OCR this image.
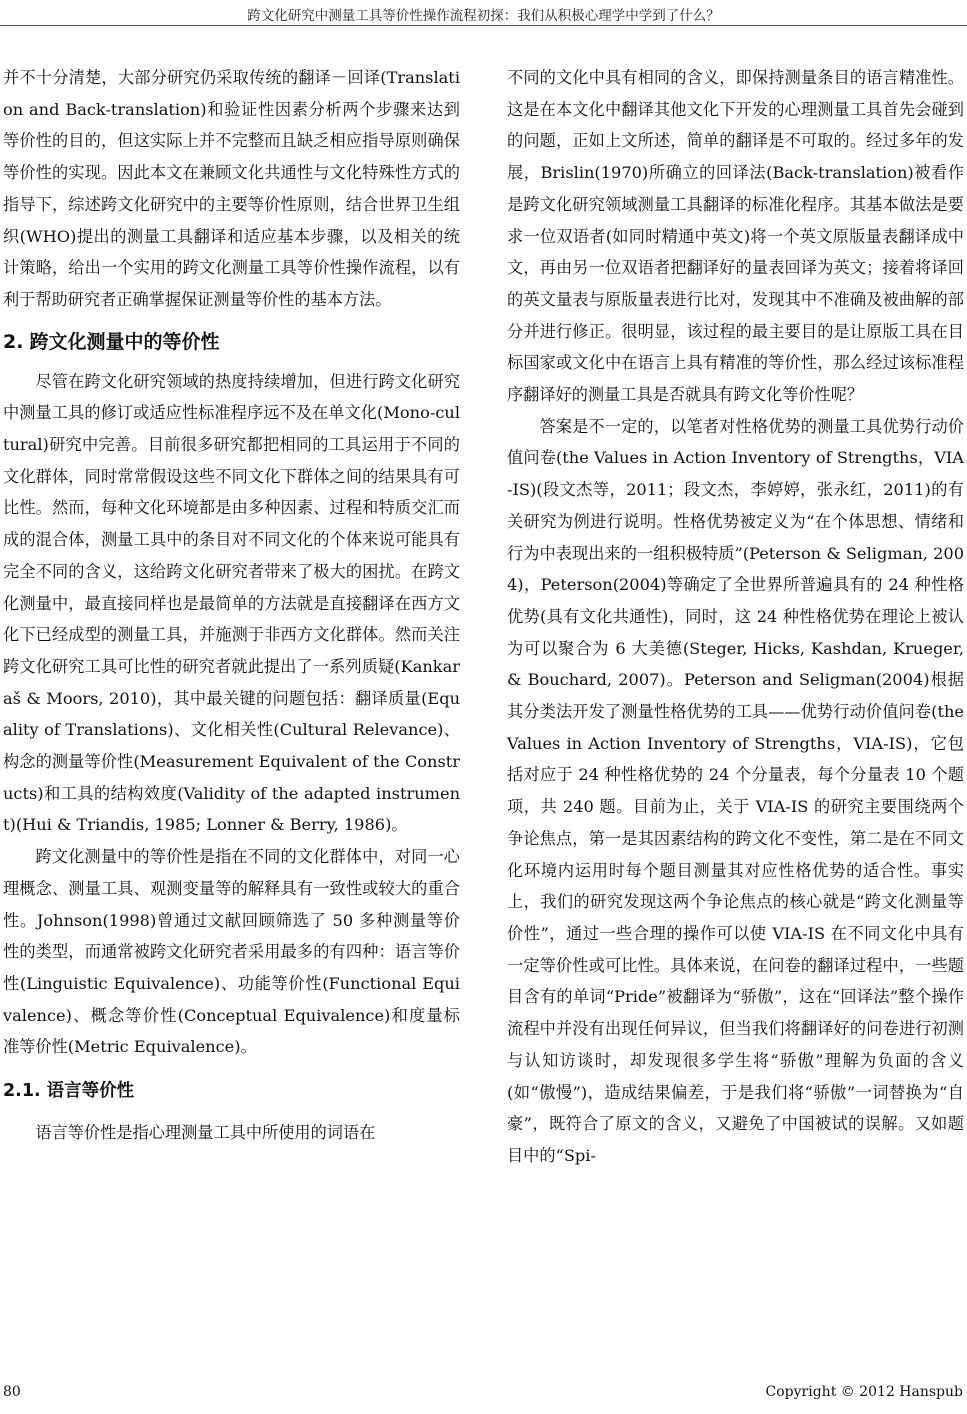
跨文化研究中测量工具等价性操作流程初探：我们从积极心理学中学到了什么？

并不十分清楚，大部分研究仍采取传统的翻译－回译(Translation and Back-translation)和验证性因素分析两个步骤来达到等价性的目的，但这实际上并不完整而且缺乏相应指导原则确保等价性的实现。因此本文在兼顾文化共通性与文化特殊性方式的指导下，综述跨文化研究中的主要等价性原则，结合世界卫生组织(WHO)提出的测量工具翻译和适应基本步骤，以及相关的统计策略，给出一个实用的跨文化测量工具等价性操作流程，以有利于帮助研究者正确掌握保证测量等价性的基本方法。

2. 跨文化测量中的等价性

尽管在跨文化研究领域的热度持续增加，但进行跨文化研究中测量工具的修订或适应性标准程序远不及在单文化(Mono-cultural)研究中完善。目前很多研究都把相同的工具运用于不同的文化群体，同时常常假设这些不同文化下群体之间的结果具有可比性。然而，每种文化环境都是由多种因素、过程和特质交汇而成的混合体，测量工具中的条目对不同文化的个体来说可能具有完全不同的含义，这给跨文化研究者带来了极大的困扰。在跨文化测量中，最直接同样也是最简单的方法就是直接翻译在西方文化下已经成型的测量工具，并施测于非西方文化群体。然而关注跨文化研究工具可比性的研究者就此提出了一系列质疑(Kankaraš & Moors, 2010)，其中最关键的问题包括：翻译质量(Equality of Translations)、文化相关性(Cultural Relevance)、构念的测量等价性(Measurement Equivalent of the Constructs)和工具的结构效度(Validity of the adapted instrument)(Hui & Triandis, 1985; Lonner & Berry, 1986)。

跨文化测量中的等价性是指在不同的文化群体中，对同一心理概念、测量工具、观测变量等的解释具有一致性或较大的重合性。Johnson(1998)曾通过文献回顾筛选了 50 多种测量等价性的类型，而通常被跨文化研究者采用最多的有四种：语言等价性(Linguistic Equivalence)、功能等价性(Functional Equivalence)、概念等价性(Conceptual Equivalence)和度量标准等价性(Metric Equivalence)。

2.1. 语言等价性

语言等价性是指心理测量工具中所使用的词语在

不同的文化中具有相同的含义，即保持测量条目的语言精准性。这是在本文化中翻译其他文化下开发的心理测量工具首先会碰到的问题，正如上文所述，简单的翻译是不可取的。经过多年的发展，Brislin(1970)所确立的回译法(Back-translation)被看作是跨文化研究领域测量工具翻译的标准化程序。其基本做法是要求一位双语者(如同时精通中英文)将一个英文原版量表翻译成中文，再由另一位双语者把翻译好的量表回译为英文；接着将译回的英文量表与原版量表进行比对，发现其中不准确及被曲解的部分并进行修正。很明显，该过程的最主要目的是让原版工具在目标国家或文化中在语言上具有精准的等价性，那么经过该标准程序翻译好的测量工具是否就具有跨文化等价性呢？

答案是不一定的，以笔者对性格优势的测量工具优势行动价值问卷(the Values in Action Inventory of Strengths，VIA-IS)(段文杰等，2011；段文杰，李婷婷，张永红，2011)的有关研究为例进行说明。性格优势被定义为“在个体思想、情绪和行为中表现出来的一组积极特质”(Peterson & Seligman, 2004)，Peterson(2004)等确定了全世界所普遍具有的 24 种性格优势(具有文化共通性)，同时，这 24 种性格优势在理论上被认为可以聚合为 6 大美德(Steger, Hicks, Kashdan, Krueger, & Bouchard, 2007)。Peterson and Seligman(2004)根据其分类法开发了测量性格优势的工具——优势行动价值问卷(the Values in Action Inventory of Strengths，VIA-IS)，它包括对应于 24 种性格优势的 24 个分量表，每个分量表 10 个题项，共 240 题。目前为止，关于 VIA-IS 的研究主要围绕两个争论焦点，第一是其因素结构的跨文化不变性，第二是在不同文化环境内运用时每个题目测量其对应性格优势的适合性。事实上，我们的研究发现这两个争论焦点的核心就是“跨文化测量等价性”，通过一些合理的操作可以使 VIA-IS 在不同文化中具有一定等价性或可比性。具体来说，在问卷的翻译过程中，一些题目含有的单词“Pride”被翻译为“骄傲”，这在“回译法”整个操作流程中并没有出现任何异议，但当我们将翻译好的问卷进行初测与认知访谈时，却发现很多学生将“骄傲”理解为负面的含义(如“傲慢”)，造成结果偏差，于是我们将“骄傲”一词替换为“自豪”，既符合了原文的含义，又避免了中国被试的误解。又如题目中的“Spi-

80	Copyright © 2012 Hanspub
